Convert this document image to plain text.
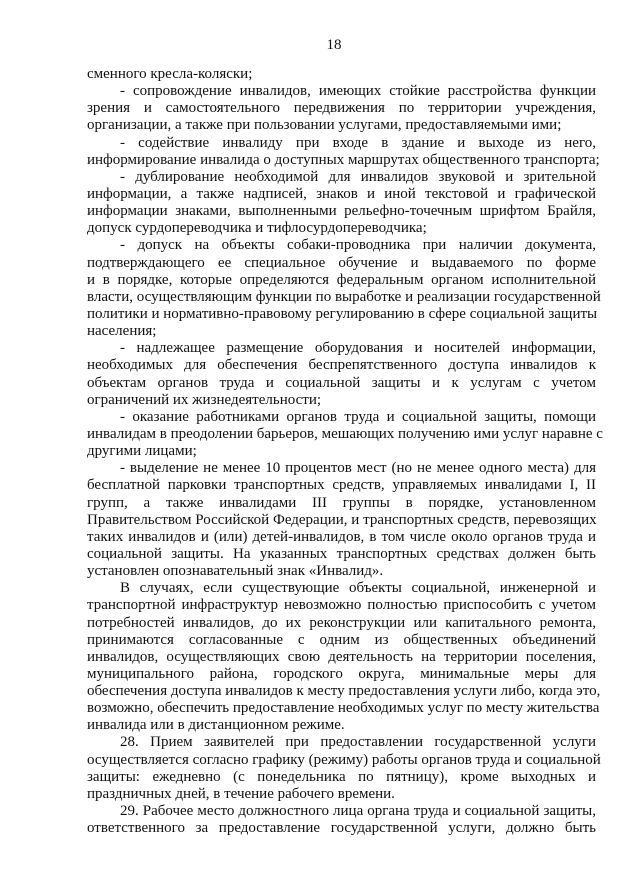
18
сменного кресла-коляски;
- сопровождение инвалидов, имеющих стойкие расстройства функции
зрения и самостоятельного передвижения по территории учреждения,
организации, а также при пользовании услугами, предоставляемыми ими;
- содействие инвалиду при входе в здание и выходе из него,
информирование инвалида о доступных маршрутах общественного транспорта;
- дублирование необходимой для инвалидов звуковой и зрительной
информации, а также надписей, знаков и иной текстовой и графической
информации знаками, выполненными рельефно-точечным шрифтом Брайля,
допуск сурдопереводчика и тифлосурдопереводчика;
- допуск на объекты собаки-проводника при наличии документа,
подтверждающего ее специальное обучение и выдаваемого по форме
и в порядке, которые определяются федеральным органом исполнительной
власти, осуществляющим функции по выработке и реализации государственной
политики и нормативно-правовому регулированию в сфере социальной защиты
населения;
- надлежащее размещение оборудования и носителей информации,
необходимых для обеспечения беспрепятственного доступа инвалидов к
объектам органов труда и социальной защиты и к услугам с учетом
ограничений их жизнедеятельности;
- оказание работниками органов труда и социальной защиты, помощи
инвалидам в преодолении барьеров, мешающих получению ими услуг наравне с
другими лицами;
- выделение не менее 10 процентов мест (но не менее одного места) для
бесплатной парковки транспортных средств, управляемых инвалидами I, II
групп, а также инвалидами III группы в порядке, установленном
Правительством Российской Федерации, и транспортных средств, перевозящих
таких инвалидов и (или) детей-инвалидов, в том числе около органов труда и
социальной защиты. На указанных транспортных средствах должен быть
установлен опознавательный знак «Инвалид».
В случаях, если существующие объекты социальной, инженерной и
транспортной инфраструктур невозможно полностью приспособить с учетом
потребностей инвалидов, до их реконструкции или капитального ремонта,
принимаются согласованные с одним из общественных объединений
инвалидов, осуществляющих свою деятельность на территории поселения,
муниципального района, городского округа, минимальные меры для
обеспечения доступа инвалидов к месту предоставления услуги либо, когда это,
возможно, обеспечить предоставление необходимых услуг по месту жительства
инвалида или в дистанционном режиме.
28. Прием заявителей при предоставлении государственной услуги
осуществляется согласно графику (режиму) работы органов труда и социальной
защиты: ежедневно (с понедельника по пятницу), кроме выходных и
праздничных дней, в течение рабочего времени.
29. Рабочее место должностного лица органа труда и социальной защиты,
ответственного за предоставление государственной услуги, должно быть
